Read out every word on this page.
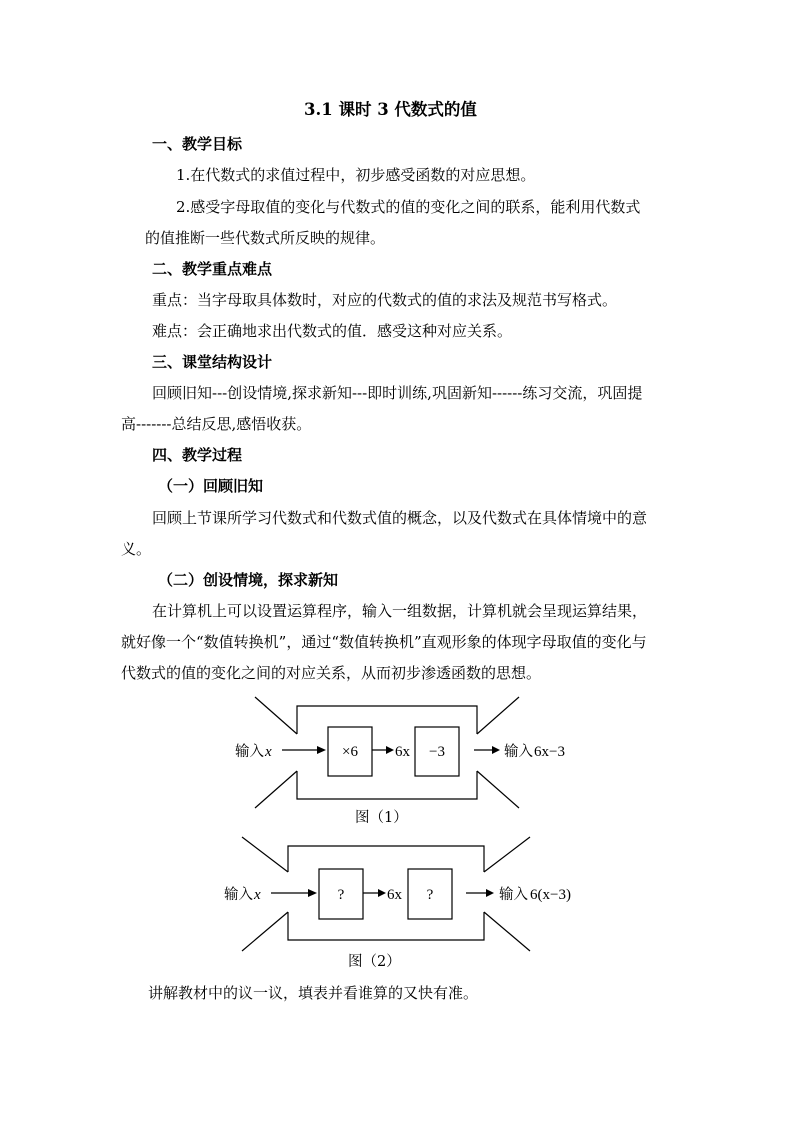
3.1 课时 3 代数式的值
一、教学目标
1.在代数式的求值过程中，初步感受函数的对应思想。
2.感受字母取值的变化与代数式的值的变化之间的联系，能利用代数式
的值推断一些代数式所反映的规律。
二、教学重点难点
重点：当字母取具体数时，对应的代数式的值的求法及规范书写格式。
难点：会正确地求出代数式的值．感受这种对应关系。
三、课堂结构设计
回顾旧知---创设情境,探求新知---即时训练,巩固新知------练习交流，巩固提
高-------总结反思,感悟收获。
四、教学过程
（一）回顾旧知
回顾上节课所学习代数式和代数式值的概念，以及代数式在具体情境中的意
义。
（二）创设情境，探求新知
在计算机上可以设置运算程序，输入一组数据，计算机就会呈现运算结果，
就好像一个“数值转换机”，通过“数值转换机”直观形象的体现字母取值的变化与
代数式的值的变化之间的对应关系，从而初步渗透函数的思想。
输入 x	×6 6x −3	输入 6x−3
图（1）
输入 x	?	6x ?	输入 6(x−3)
图（2）
讲解教材中的议一议，填表并看谁算的又快有准。
